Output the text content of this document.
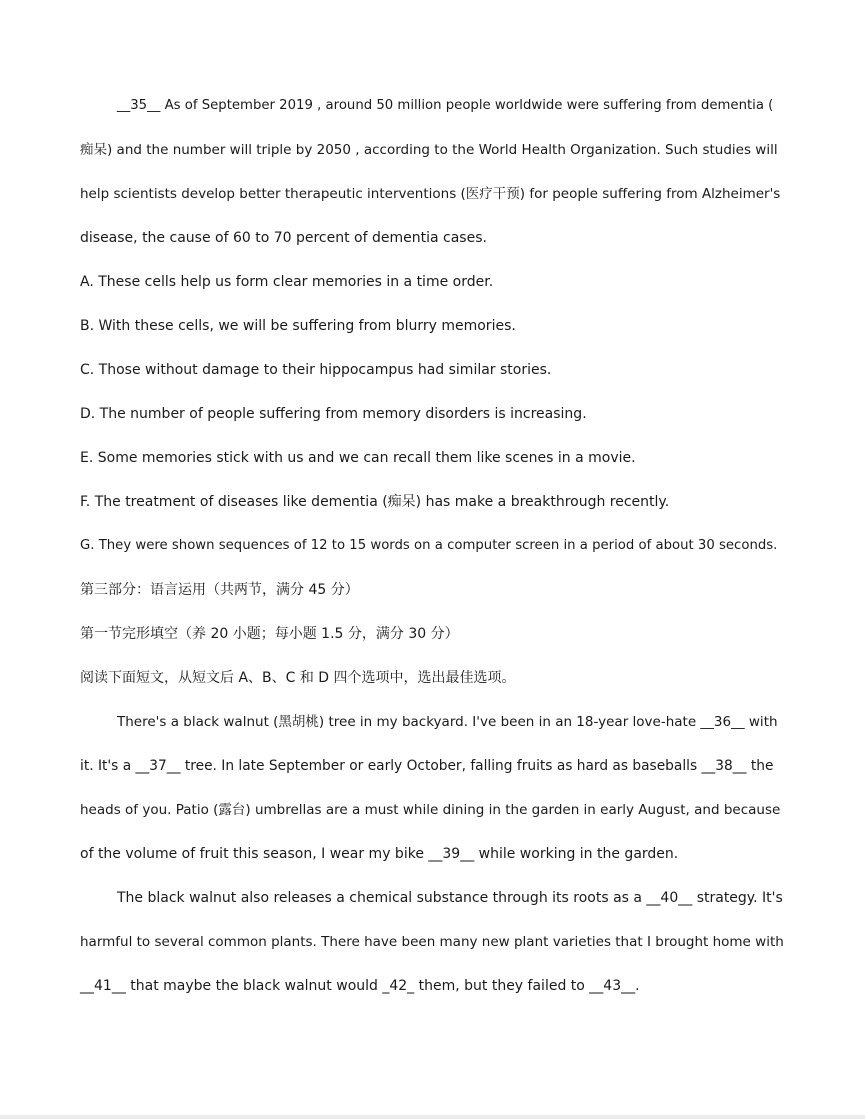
__35__ As of September 2019 , around 50 million people worldwide were suffering from dementia (
痴呆) and the number will triple by 2050 , according to the World Health Organization. Such studies will
help scientists develop better therapeutic interventions (医疗干预) for people suffering from Alzheimer's
disease, the cause of 60 to 70 percent of dementia cases.
A. These cells help us form clear memories in a time order.
B. With these cells, we will be suffering from blurry memories.
C. Those without damage to their hippocampus had similar stories.
D. The number of people suffering from memory disorders is increasing.
E. Some memories stick with us and we can recall them like scenes in a movie.
F. The treatment of diseases like dementia (痴呆) has make a breakthrough recently.
G. They were shown sequences of 12 to 15 words on a computer screen in a period of about 30 seconds.
第三部分：语言运用（共两节，满分 45 分）
第一节完形填空（养 20 小题；每小题 1.5 分，满分 30 分）
阅读下面短文，从短文后 A、B、C 和 D 四个选项中，选出最佳选项。
There's a black walnut (黑胡桃) tree in my backyard. I've been in an 18-year love-hate __36__ with
it. It's a __37__ tree. In late September or early October, falling fruits as hard as baseballs __38__ the
heads of you. Patio (露台) umbrellas are a must while dining in the garden in early August, and because
of the volume of fruit this season, I wear my bike __39__ while working in the garden.
The black walnut also releases a chemical substance through its roots as a __40__ strategy. It's
harmful to several common plants. There have been many new plant varieties that I brought home with
__41__ that maybe the black walnut would _42_ them, but they failed to __43__.
